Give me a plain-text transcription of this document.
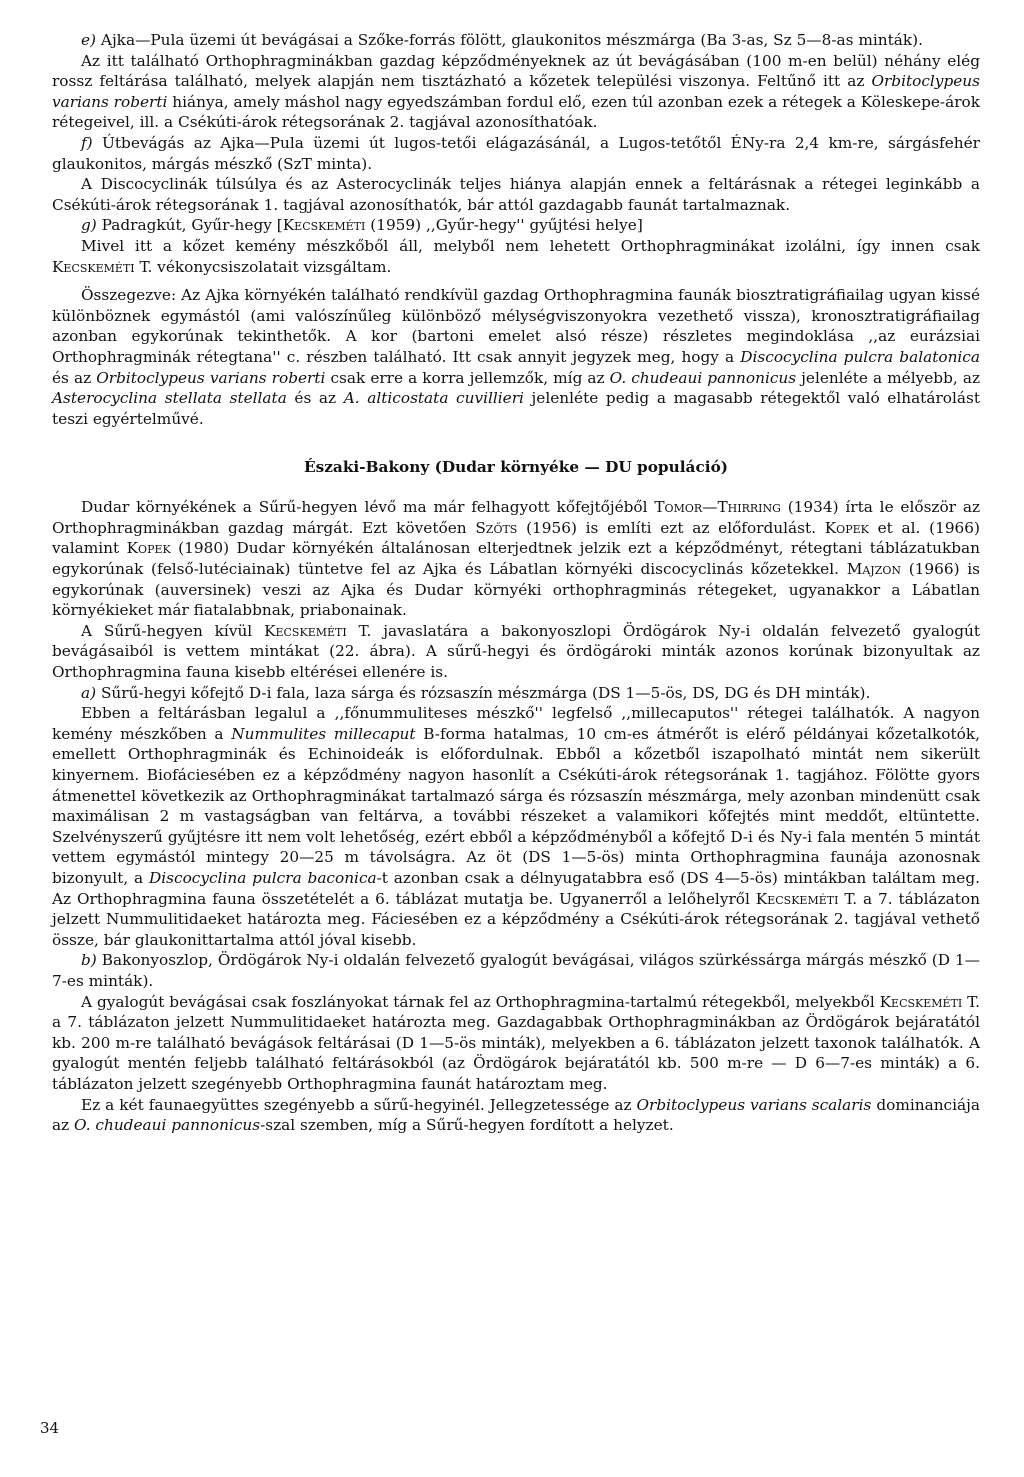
e) Ajka—Pula üzemi út bevágásai a Szőke-forrás fölött, glaukonitos mészmárga (Ba 3-as, Sz 5—8-as minták).

Az itt található Orthophragminákban gazdag képződményeknek az út bevágásában (100 m-en belül) néhány elég rossz feltárása található, melyek alapján nem tisztázható a kőzetek települési viszonya. Feltűnő itt az Orbitoclypeus varians roberti hiánya, amely máshol nagy egyedszámban fordul elő, ezen túl azonban ezek a rétegek a Köleskepe-árok rétegeivel, ill. a Csékúti-árok rétegsorának 2. tagjával azonosíthatóak.

f) Útbevágás az Ajka—Pula üzemi út lugos-tetői elágazásánál, a Lugos-tetőtől ÉNy-ra 2,4 km-re, sárgásfehér glaukonitos, márgás mészkő (SzT minta).

A Discocyclinák túlsúlya és az Asterocyclinák teljes hiánya alapján ennek a feltárásnak a rétegei leginkább a Csékúti-árok rétegsorának 1. tagjával azonosíthatók, bár attól gazdagabb faunát tartalmaznak.

g) Padragkút, Gyűr-hegy [Kecskeméti (1959) ,,Gyűr-hegy'' gyűjtési helye]

Mivel itt a kőzet kemény mészkőből áll, melyből nem lehetett Orthophragminákat izolálni, így innen csak Kecskeméti T. vékonycsiszolatait vizsgáltam.

Összegezve: Az Ajka környékén található rendkívül gazdag Orthophragmina faunák biosztratigráfiailag ugyan kissé különböznek egymástól (ami valószínűleg különböző mélységviszonyokra vezethető vissza), kronosztratigráfiailag azonban egykorúnak tekinthetők. A kor (bartoni emelet alsó része) részletes megindoklása ,,az eurázsiai Orthophragminák rétegtana'' c. részben található. Itt csak annyit jegyzek meg, hogy a Discocyclina pulcra balatonica és az Orbitoclypeus varians roberti csak erre a korra jellemzők, míg az O. chudeaui pannonicus jelenléte a mélyebb, az Asterocyclina stellata stellata és az A. alticostata cuvillieri jelenléte pedig a magasabb rétegektől való elhatárolást teszi egyértelművé.

Északi-Bakony (Dudar környéke — DU populáció)

Dudar környékének a Sűrű-hegyen lévő ma már felhagyott kőfejtőjéből Tomor—Thirring (1934) írta le először az Orthophragminákban gazdag márgát. Ezt követően Szőts (1956) is említi ezt az előfordulást. Kopek et al. (1966) valamint Kopek (1980) Dudar környékén általánosan elterjedtnek jelzik ezt a képződményt, rétegtani táblázatukban egykorúnak (felső-lutéciainak) tüntetve fel az Ajka és Lábatlan környéki discocyclinás kőzetekkel. Majzon (1966) is egykorúnak (auversinek) veszi az Ajka és Dudar környéki orthophragminás rétegeket, ugyanakkor a Lábatlan környékieket már fiatalabbnak, priabonainak.

A Sűrű-hegyen kívül Kecskeméti T. javaslatára a bakonyoszlopi Ördögárok Ny-i oldalán felvezető gyalogút bevágásaiból is vettem mintákat (22. ábra). A sűrű-hegyi és ördögároki minták azonos korúnak bizonyultak az Orthophragmina fauna kisebb eltérései ellenére is.

a) Sűrű-hegyi kőfejtő D-i fala, laza sárga és rózsaszín mészmárga (DS 1—5-ös, DS, DG és DH minták).

Ebben a feltárásban legalul a ,,főnummuliteses mészkő'' legfelső ,,millecaputos'' rétegei találhatók. A nagyon kemény mészkőben a Nummulites millecaput B-forma hatalmas, 10 cm-es átmérőt is elérő példányai kőzetalkotók, emellett Orthophragminák és Echinoideák is előfordulnak. Ebből a kőzetből iszapolható mintát nem sikerült kinyernem. Biofáciesében ez a képződmény nagyon hasonlít a Csékúti-árok rétegsorának 1. tagjához. Fölötte gyors átmenettel következik az Orthophragminákat tartalmazó sárga és rózsaszín mészmárga, mely azonban mindenütt csak maximálisan 2 m vastagságban van feltárva, a további részeket a valamikori kőfejtés mint meddőt, eltüntette. Szelvényszerű gyűjtésre itt nem volt lehetőség, ezért ebből a képződményből a kőfejtő D-i és Ny-i fala mentén 5 mintát vettem egymástól mintegy 20—25 m távolságra. Az öt (DS 1—5-ös) minta Orthophragmina faunája azonosnak bizonyult, a Discocyclina pulcra baconica-t azonban csak a délnyugatabbra eső (DS 4—5-ös) mintákban találtam meg. Az Orthophragmina fauna összetételét a 6. táblázat mutatja be. Ugyanerről a lelőhelyről Kecskeméti T. a 7. táblázaton jelzett Nummulitidaeket határozta meg. Fáciesében ez a képződmény a Csékúti-árok rétegsorának 2. tagjával vethető össze, bár glaukonittartalma attól jóval kisebb.

b) Bakonyoszlop, Ördögárok Ny-i oldalán felvezető gyalogút bevágásai, világos szürkéssárga márgás mészkő (D 1—7-es minták).

A gyalogút bevágásai csak foszlányokat tárnak fel az Orthophragmina-tartalmú rétegekből, melyekből Kecskeméti T. a 7. táblázaton jelzett Nummulitidaeket határozta meg. Gazdagabbak Orthophragminákban az Ördögárok bejáratától kb. 200 m-re található bevágások feltárásai (D 1—5-ös minták), melyekben a 6. táblázaton jelzett taxonok találhatók. A gyalogút mentén feljebb található feltárásokból (az Ördögárok bejáratától kb. 500 m-re — D 6—7-es minták) a 6. táblázaton jelzett szegényebb Orthophragmina faunát határoztam meg.

Ez a két faunaegyüttes szegényebb a sűrű-hegyinél. Jellegzetessége az Orbitoclypeus varians scalaris dominanciája az O. chudeaui pannonicus-szal szemben, míg a Sűrű-hegyen fordított a helyzet.

34
